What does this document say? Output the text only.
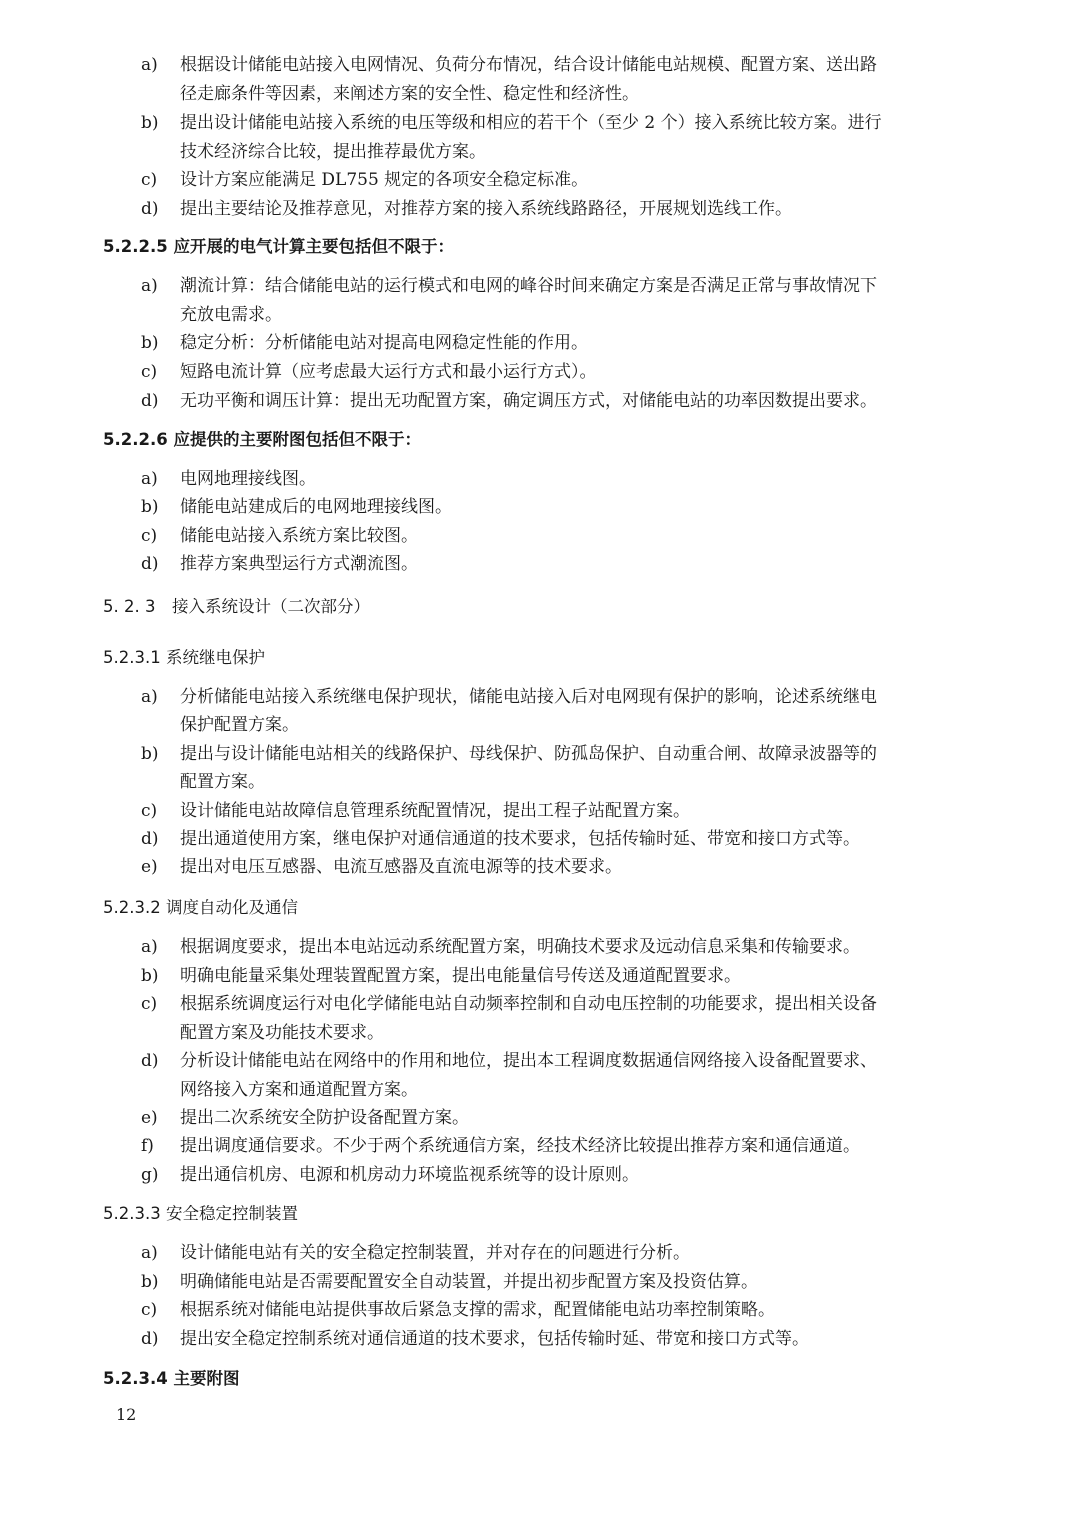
a)	根据设计储能电站接入电网情况、负荷分布情况，结合设计储能电站规模、配置方案、送出路
径走廊条件等因素，来阐述方案的安全性、稳定性和经济性。
b)	提出设计储能电站接入系统的电压等级和相应的若干个（至少 2 个）接入系统比较方案。进行
技术经济综合比较，提出推荐最优方案。
c)	设计方案应能满足 DL755 规定的各项安全稳定标准。
d)	提出主要结论及推荐意见，对推荐方案的接入系统线路路径，开展规划选线工作。
5.2.2.5 应开展的电气计算主要包括但不限于：
a)	潮流计算：结合储能电站的运行模式和电网的峰谷时间来确定方案是否满足正常与事故情况下
充放电需求。
b)	稳定分析：分析储能电站对提高电网稳定性能的作用。
c)	短路电流计算（应考虑最大运行方式和最小运行方式）。
d)	无功平衡和调压计算：提出无功配置方案，确定调压方式，对储能电站的功率因数提出要求。
5.2.2.6 应提供的主要附图包括但不限于：
a)	电网地理接线图。
b)	储能电站建成后的电网地理接线图。
c)	储能电站接入系统方案比较图。
d)	推荐方案典型运行方式潮流图。
5. 2. 3　接入系统设计（二次部分）
5.2.3.1 系统继电保护
a)	分析储能电站接入系统继电保护现状，储能电站接入后对电网现有保护的影响，论述系统继电
保护配置方案。
b)	提出与设计储能电站相关的线路保护、母线保护、防孤岛保护、自动重合闸、故障录波器等的
配置方案。
c)	设计储能电站故障信息管理系统配置情况，提出工程子站配置方案。
d)	提出通道使用方案，继电保护对通信通道的技术要求，包括传输时延、带宽和接口方式等。
e)	提出对电压互感器、电流互感器及直流电源等的技术要求。
5.2.3.2 调度自动化及通信
a)	根据调度要求，提出本电站远动系统配置方案，明确技术要求及远动信息采集和传输要求。
b)	明确电能量采集处理装置配置方案，提出电能量信号传送及通道配置要求。
c)	根据系统调度运行对电化学储能电站自动频率控制和自动电压控制的功能要求，提出相关设备
配置方案及功能技术要求。
d)	分析设计储能电站在网络中的作用和地位，提出本工程调度数据通信网络接入设备配置要求、
网络接入方案和通道配置方案。
e)	提出二次系统安全防护设备配置方案。
f)	提出调度通信要求。不少于两个系统通信方案，经技术经济比较提出推荐方案和通信通道。
g)	提出通信机房、电源和机房动力环境监视系统等的设计原则。
5.2.3.3 安全稳定控制装置
a)	设计储能电站有关的安全稳定控制装置，并对存在的问题进行分析。
b)	明确储能电站是否需要配置安全自动装置，并提出初步配置方案及投资估算。
c)	根据系统对储能电站提供事故后紧急支撑的需求，配置储能电站功率控制策略。
d)	提出安全稳定控制系统对通信通道的技术要求，包括传输时延、带宽和接口方式等。
5.2.3.4 主要附图
12
